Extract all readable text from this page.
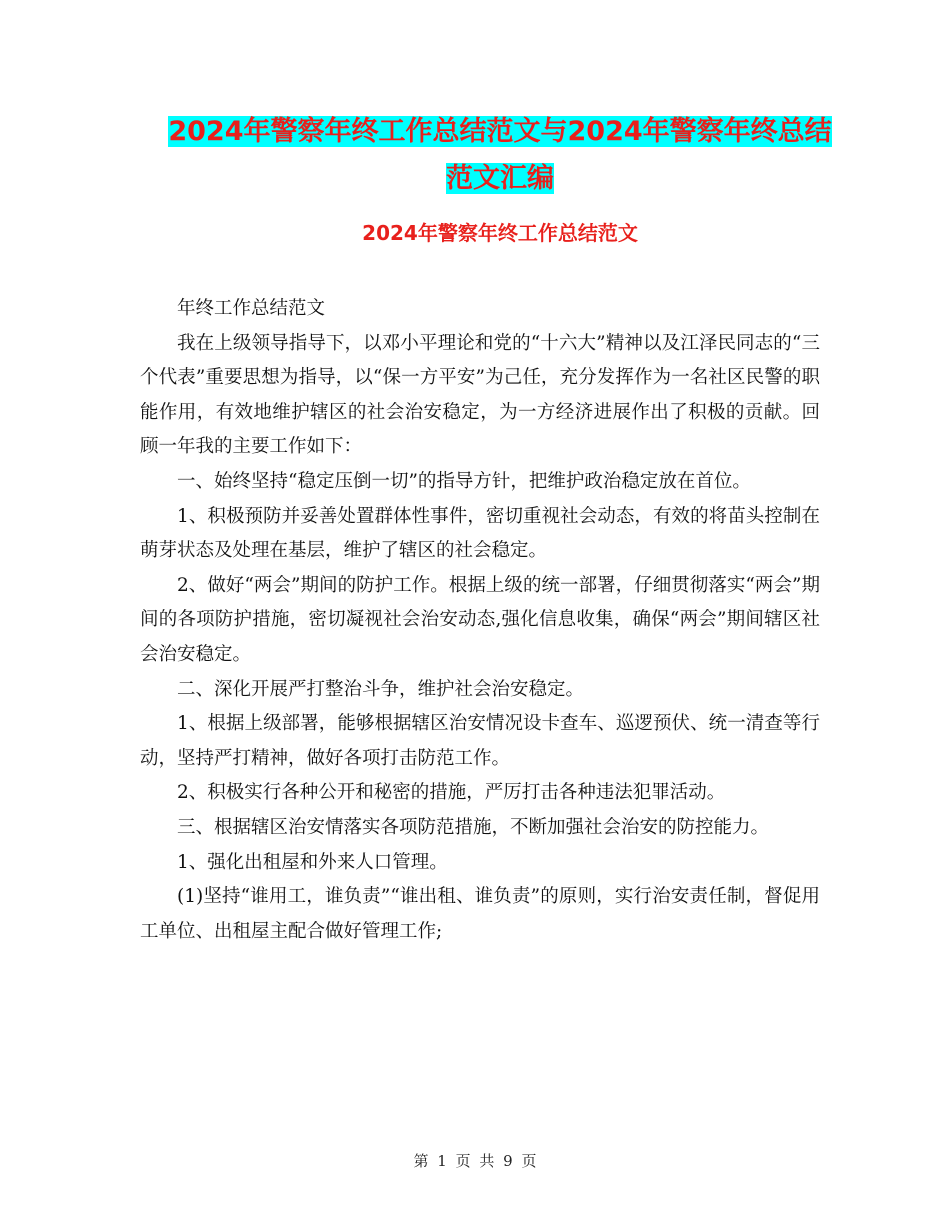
2024年警察年终工作总结范文与2024年警察年终总结
范文汇编
2024年警察年终工作总结范文

年终工作总结范文

我在上级领导指导下，以邓小平理论和党的“十六大”精神以及江泽民同志的“三个代表”重要思想为指导，以“保一方平安”为己任，充分发挥作为一名社区民警的职能作用，有效地维护辖区的社会治安稳定，为一方经济进展作出了积极的贡献。回顾一年我的主要工作如下：

一、始终坚持“稳定压倒一切”的指导方针，把维护政治稳定放在首位。

1、积极预防并妥善处置群体性事件，密切重视社会动态，有效的将苗头控制在萌芽状态及处理在基层，维护了辖区的社会稳定。

2、做好“两会”期间的防护工作。根据上级的统一部署，仔细贯彻落实“两会”期间的各项防护措施，密切凝视社会治安动态,强化信息收集，确保“两会”期间辖区社会治安稳定。

二、深化开展严打整治斗争，维护社会治安稳定。

1、根据上级部署，能够根据辖区治安情况设卡查车、巡逻预伏、统一清查等行动，坚持严打精神，做好各项打击防范工作。

2、积极实行各种公开和秘密的措施，严厉打击各种违法犯罪活动。

三、根据辖区治安情落实各项防范措施，不断加强社会治安的防控能力。

1、强化出租屋和外来人口管理。

(1)坚持“谁用工，谁负责”“谁出租、谁负责”的原则，实行治安责任制，督促用工单位、出租屋主配合做好管理工作;

第 1 页 共 9 页
